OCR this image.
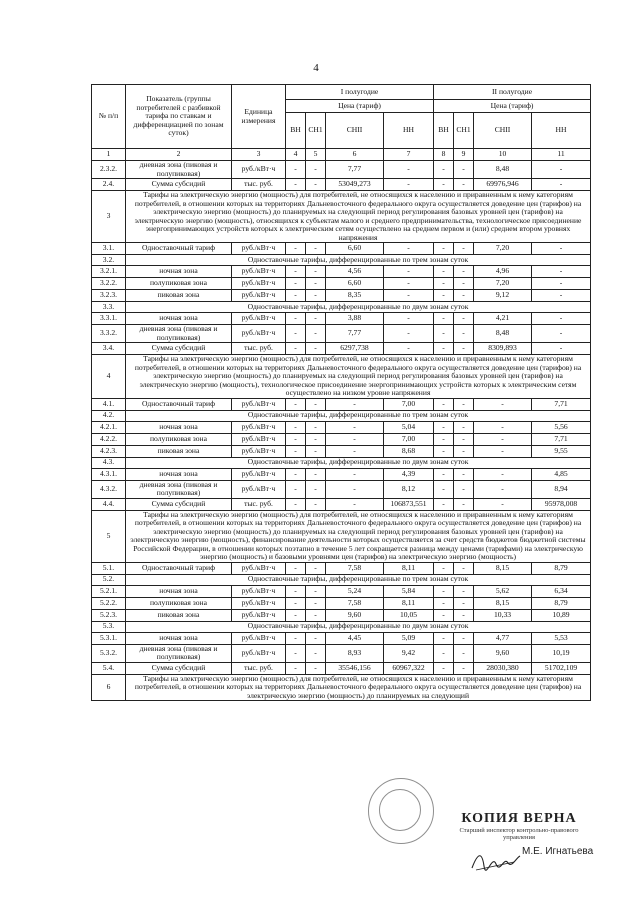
4
№ п/п	Показатель (группы потребителей с разбивкой тарифа по ставкам и дифференциацией по зонам суток)	Единица измерения	I полугодие				II полугодие			
			Цена (тариф)				Цена (тариф)			
			ВН	СН1	СНII	НН	ВН	СН1	СНII	НН
1	2	3	4	5	6	7	8	9	10	11
2.3.2.	дневная зона (пиковая и полупиковая)	руб./кВт·ч	-	-	7,77	-	-	-	8,48	-
2.4.	Сумма субсидий	тыс. руб.	-	-	53049,273	-	-	-	69976,946	-
3	Тарифы на электрическую энергию (мощность) для потребителей, не относящихся к населению и приравненным к нему категориям потребителей, в отношении которых на территориях Дальневосточного федерального округа осуществляется доведение цен (тарифов) на электрическую энергию (мощность) до планируемых на следующий период регулирования базовых уровней цен (тарифов) на электрическую энергию (мощность), относящихся к субъектам малого и среднего предпринимательства, технологическое присоединение энергопринимающих устройств которых к электрическим сетям осуществлено на среднем первом и (или) среднем втором уровнях напряжения									
3.1.	Одноставочный тариф	руб./кВт·ч	-	-	6,60	-	-	-	7,20	-
3.2.	Одноставочные тарифы, дифференцированные по трем зонам суток									
3.2.1.	ночная зона	руб./кВт·ч	-	-	4,56	-	-	-	4,96	-
3.2.2.	полупиковая зона	руб./кВт·ч	-	-	6,60	-	-	-	7,20	-
3.2.3.	пиковая зона	руб./кВт·ч	-	-	8,35	-	-	-	9,12	-
3.3.	Одноставочные тарифы, дифференцированные по двум зонам суток									
3.3.1.	ночная зона	руб./кВт·ч	-	-	3,88	-	-	-	4,21	-
3.3.2.	дневная зона (пиковая и полупиковая)	руб./кВт·ч	-	-	7,77	-	-	-	8,48	-
3.4.	Сумма субсидий	тыс. руб.	-	-	6297,738	-	-	-	8309,893	-
4	Тарифы на электрическую энергию (мощность) для потребителей, не относящихся к населению и приравненным к нему категориям потребителей, в отношении которых на территориях Дальневосточного федерального округа осуществляется доведение цен (тарифов) на электрическую энергию (мощность) до планируемых на следующий период регулирования базовых уровней цен (тарифов) на электрическую энергию (мощность), технологическое присоединение энергопринимающих устройств которых к электрическим сетям осуществлено на низком уровне напряжения									
4.1.	Одноставочный тариф	руб./кВт·ч	-	-	-	7,00	-	-	-	7,71
4.2.	Одноставочные тарифы, дифференцированные по трем зонам суток									
4.2.1.	ночная зона	руб./кВт·ч	-	-	-	5,04	-	-	-	5,56
4.2.2.	полупиковая зона	руб./кВт·ч	-	-	-	7,00	-	-	-	7,71
4.2.3.	пиковая зона	руб./кВт·ч	-	-	-	8,68	-	-	-	9,55
4.3.	Одноставочные тарифы, дифференцированные по двум зонам суток									
4.3.1.	ночная зона	руб./кВт·ч	-	-	-	4,39	-	-	-	4,85
4.3.2.	дневная зона (пиковая и полупиковая)	руб./кВт·ч	-	-	-	8,12	-	-	-	8,94
4.4.	Сумма субсидий	тыс. руб.	-	-	-	106873,551	-	-	-	95978,008
5	Тарифы на электрическую энергию (мощность) для потребителей, не относящихся к населению и приравненным к нему категориям потребителей, в отношении которых на территориях Дальневосточного федерального округа осуществляется доведение цен (тарифов) на электрическую энергию (мощность) до планируемых на следующий период регулирования базовых уровней цен (тарифов) на электрическую энергию (мощность), финансирование деятельности которых осуществляется за счет средств бюджетов бюджетной системы Российской Федерации, в отношении которых поэтапно в течение 5 лет сокращается разница между ценами (тарифами) на электрическую энергию (мощность) и базовыми уровнями цен (тарифов) на электрическую энергию (мощность)									
5.1.	Одноставочный тариф	руб./кВт·ч	-	-	7,58	8,11	-	-	8,15	8,79
5.2.	Одноставочные тарифы, дифференцированные по трем зонам суток									
5.2.1.	ночная зона	руб./кВт·ч	-	-	5,24	5,84	-	-	5,62	6,34
5.2.2.	полупиковая зона	руб./кВт·ч	-	-	7,58	8,11	-	-	8,15	8,79
5.2.3.	пиковая зона	руб./кВт·ч	-	-	9,60	10,05	-	-	10,33	10,89
5.3.	Одноставочные тарифы, дифференцированные по двум зонам суток									
5.3.1.	ночная зона	руб./кВт·ч	-	-	4,45	5,09	-	-	4,77	5,53
5.3.2.	дневная зона (пиковая и полупиковая)	руб./кВт·ч	-	-	8,93	9,42	-	-	9,60	10,19
5.4.	Сумма субсидий	тыс. руб.	-	-	35546,156	60967,322	-	-	28030,380	51702,109
6	Тарифы на электрическую энергию (мощность) для потребителей, не относящихся к населению и приравненным к нему категориям потребителей, в отношении которых на территориях Дальневосточного федерального округа осуществляется доведение цен (тарифов) на электрическую энергию (мощность) до планируемых на следующий									
КОПИЯ ВЕРНА
Старший инспектор контрольно-правового управления
М.Е. Игнатьева
